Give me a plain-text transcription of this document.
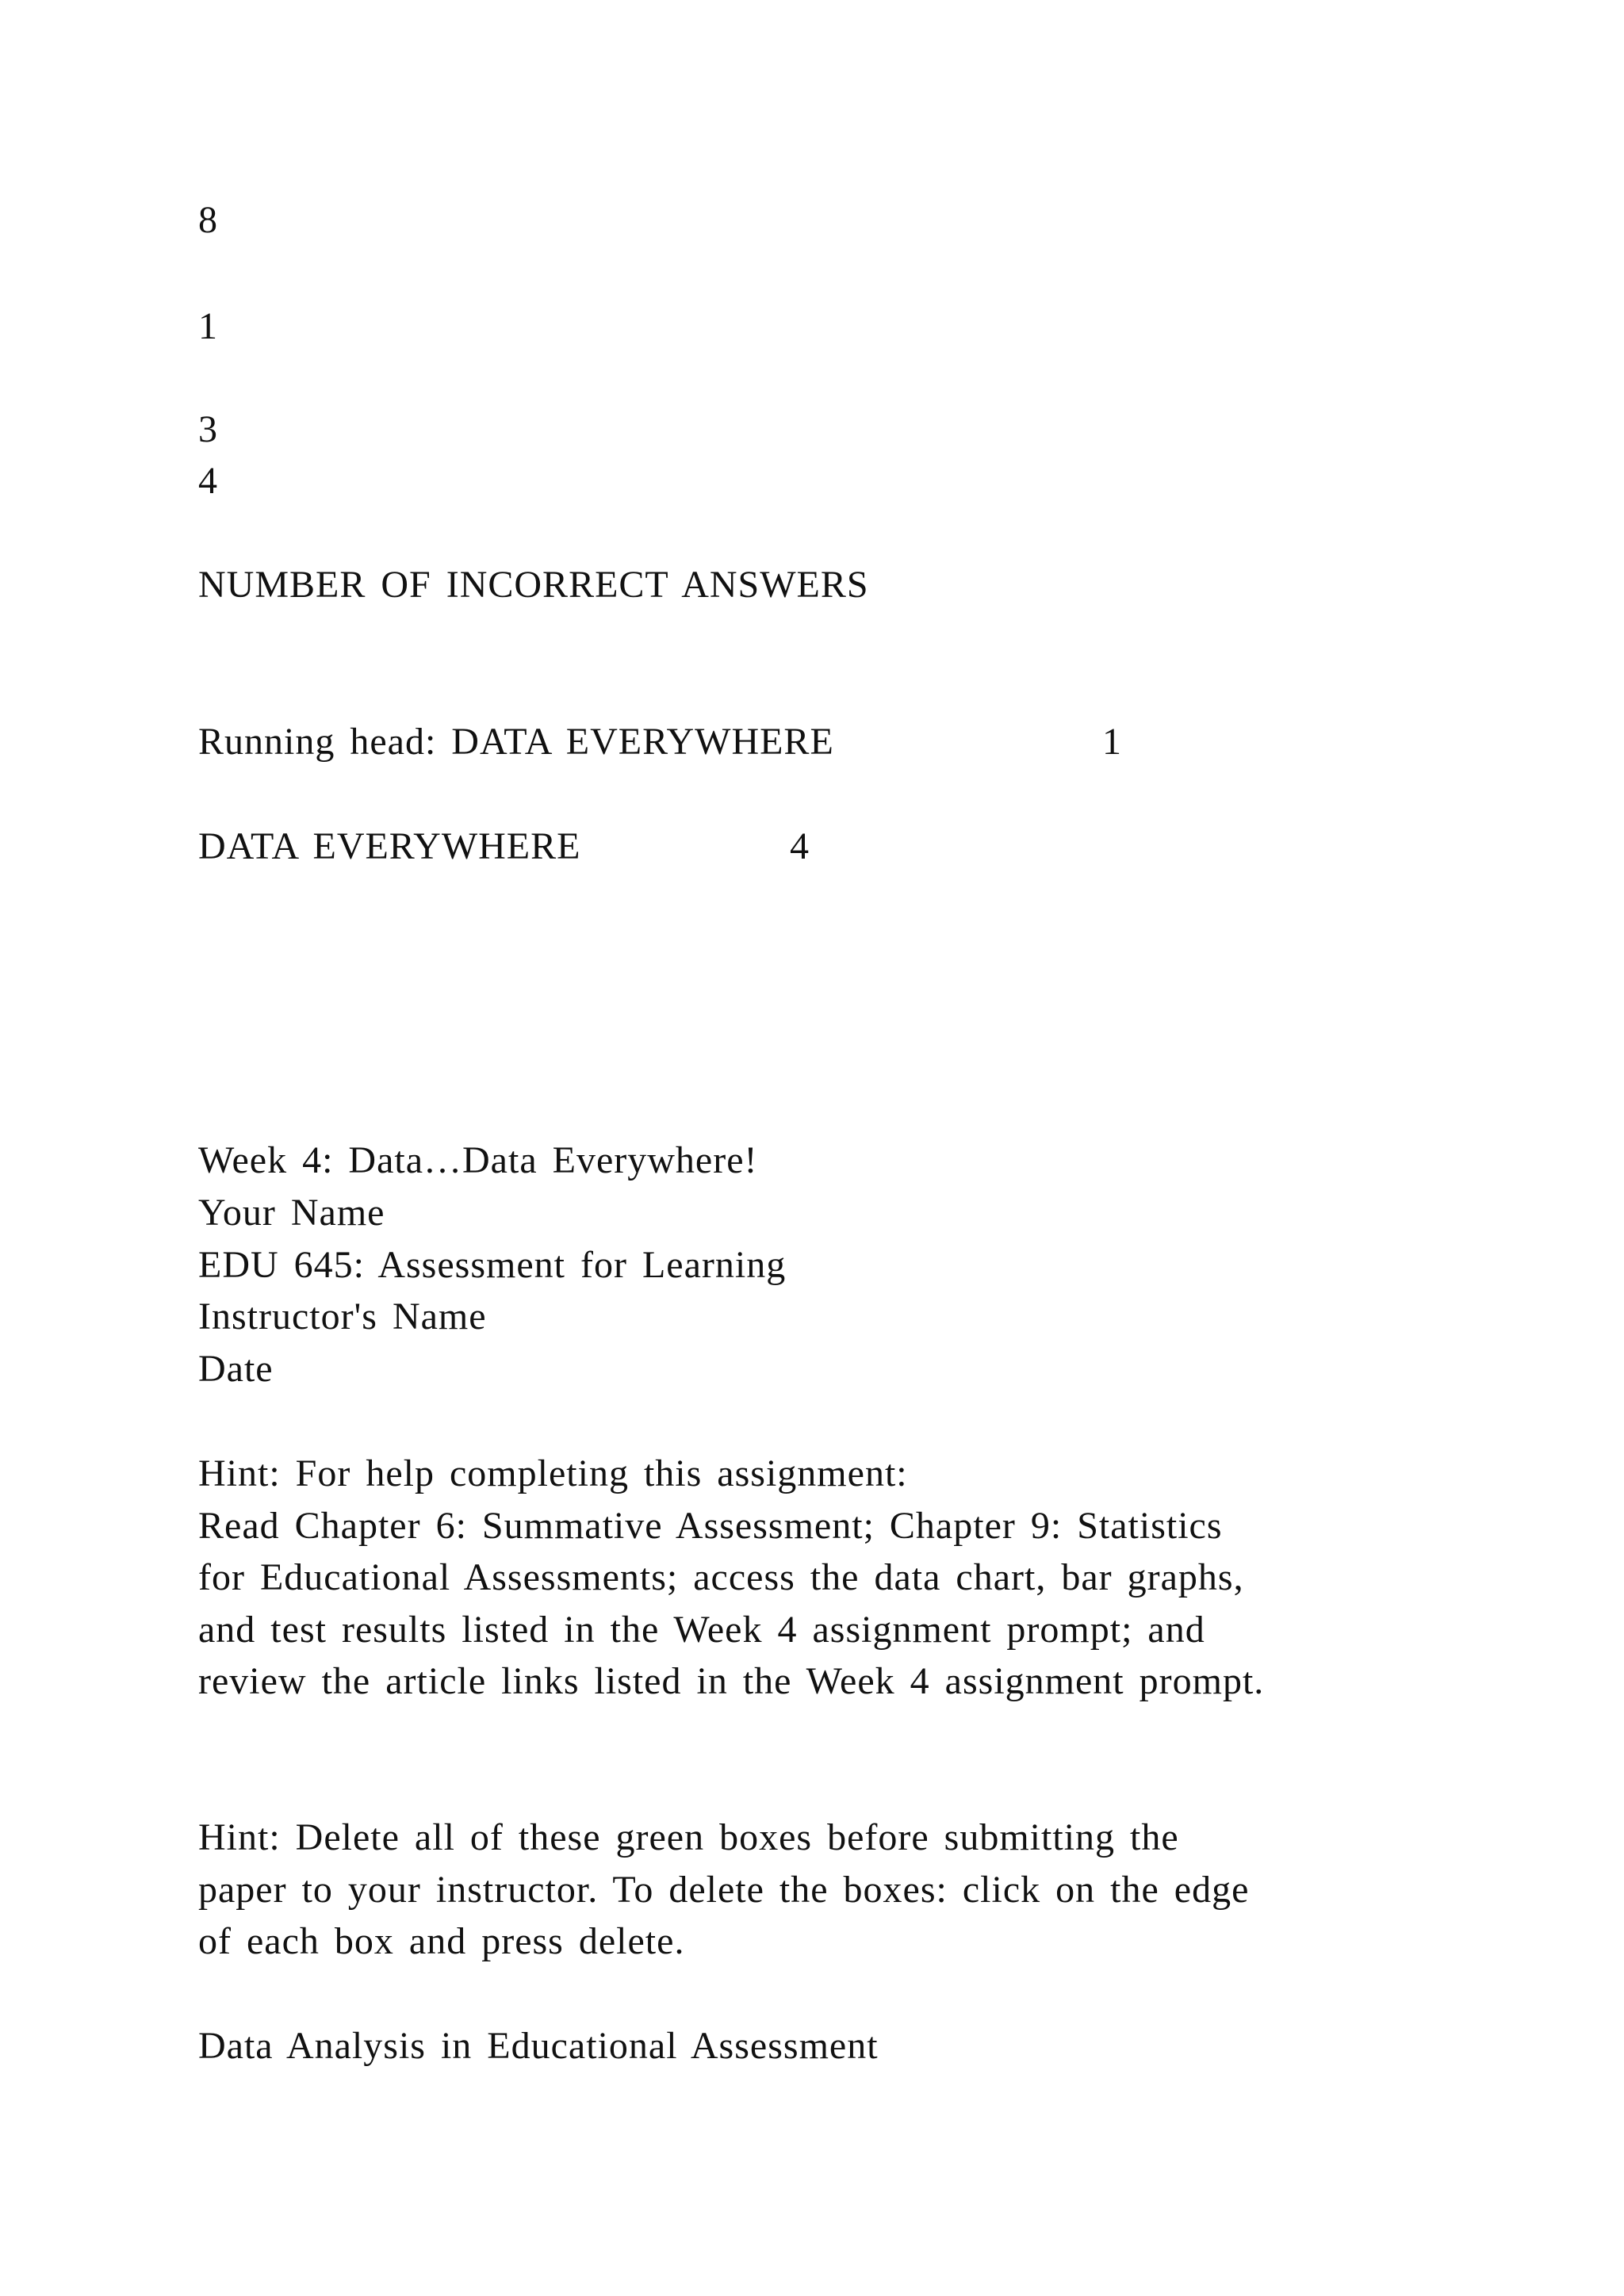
8
1
3
4
NUMBER OF INCORRECT ANSWERS
Running head: DATA EVERYWHERE	1
DATA EVERYWHERE	4
Week 4: Data…Data Everywhere!
Your Name
EDU 645: Assessment for Learning
Instructor's Name
Date
Hint: For help completing this assignment:
Read Chapter 6: Summative Assessment; Chapter 9: Statistics
for Educational Assessments; access the data chart, bar graphs,
and test results listed in the Week 4 assignment prompt; and
review the article links listed in the Week 4 assignment prompt.
Hint: Delete all of these green boxes before submitting the
paper to your instructor. To delete the boxes: click on the edge
of each box and press delete.
Data Analysis in Educational Assessment
